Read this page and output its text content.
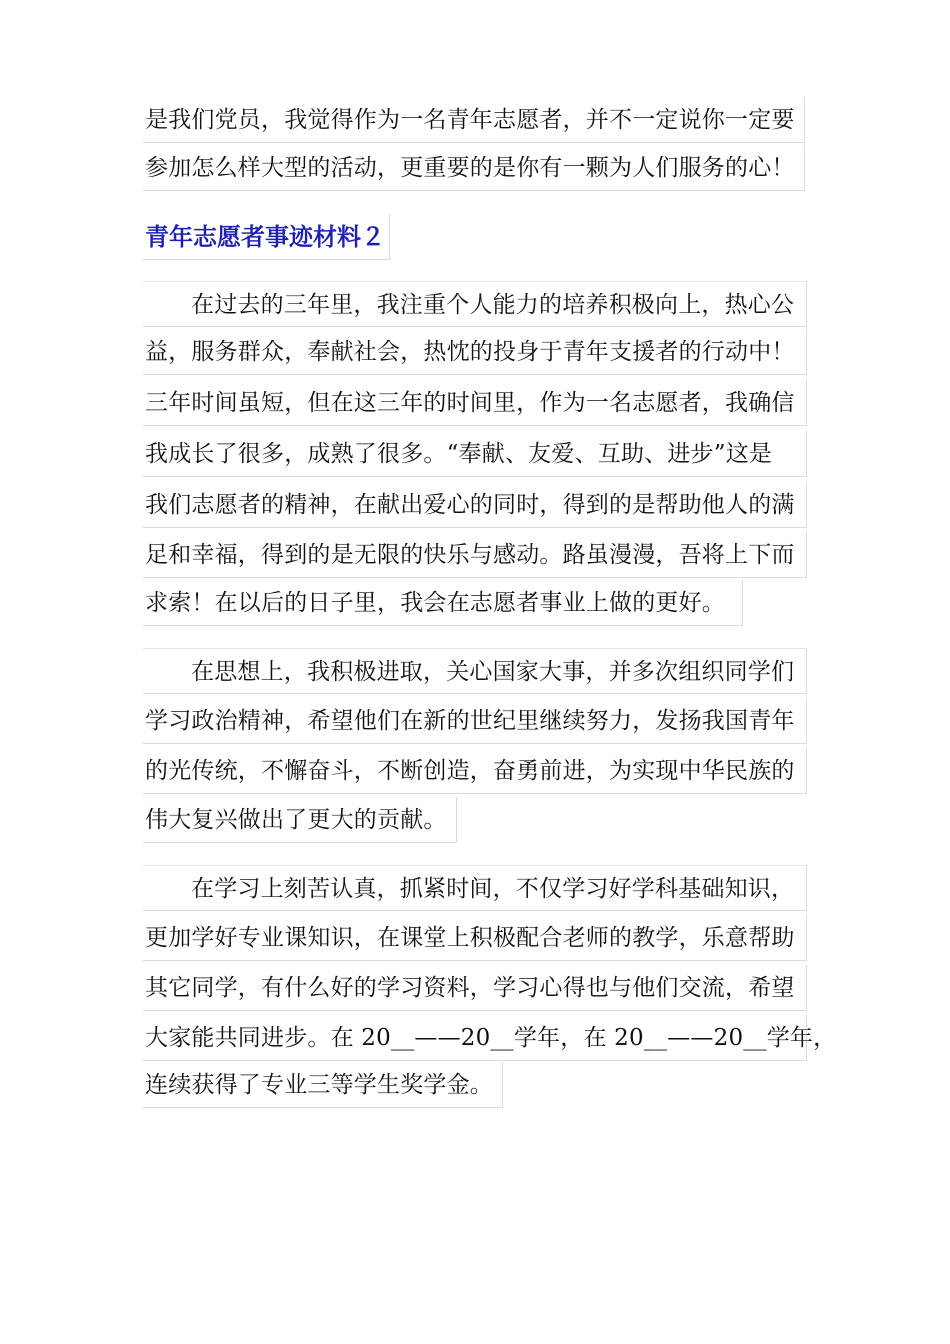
是我们党员，我觉得作为一名青年志愿者，并不一定说你一定要
参加怎么样大型的活动，更重要的是你有一颗为人们服务的心！
青年志愿者事迹材料２
在过去的三年里，我注重个人能力的培养积极向上，热心公
益，服务群众，奉献社会，热忱的投身于青年支援者的行动中！
三年时间虽短，但在这三年的时间里，作为一名志愿者，我确信
我成长了很多，成熟了很多。“奉献、友爱、互助、进步”这是
我们志愿者的精神，在献出爱心的同时，得到的是帮助他人的满
足和幸福，得到的是无限的快乐与感动。路虽漫漫，吾将上下而
求索！在以后的日子里，我会在志愿者事业上做的更好。
在思想上，我积极进取，关心国家大事，并多次组织同学们
学习政治精神，希望他们在新的世纪里继续努力，发扬我国青年
的光传统，不懈奋斗，不断创造，奋勇前进，为实现中华民族的
伟大复兴做出了更大的贡献。
在学习上刻苦认真，抓紧时间，不仅学习好学科基础知识，
更加学好专业课知识，在课堂上积极配合老师的教学，乐意帮助
其它同学，有什么好的学习资料，学习心得也与他们交流，希望
大家能共同进步。在 20__——20__学年，在 20__——20__学年，
连续获得了专业三等学生奖学金。
